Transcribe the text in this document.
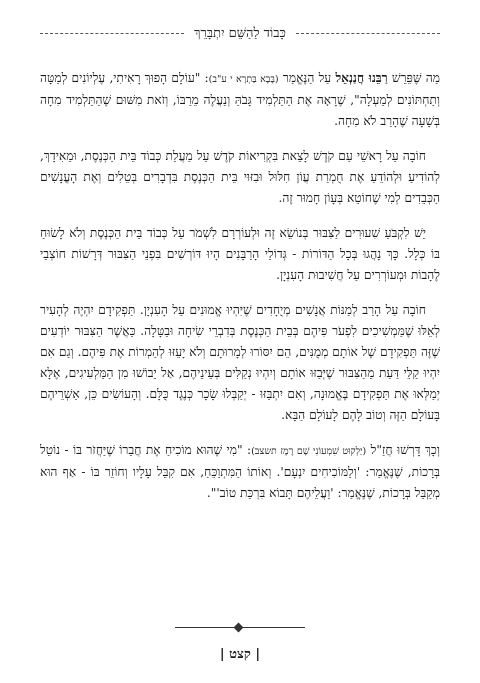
כָּבוֹד לַהַשֵּׁם יִתְבָּרֵךְ

מַה שֶּׁפֵּרֵשׁ רַבֵּנוּ חֲנַנְאֵל עַל הַנֶּאֱמַר (בָּבָא בַּתְרָא י ע"ב): "עוֹלָם הָפוּךְ רָאִיתִי, עֶלְיוֹנִים לְמַטָּה וְתַחְתּוֹנִים לְמַעְלָה", שֶׁרָאָה אֶת הַתַּלְמִיד גָּבֹהַּ וְנַעֲלֶה מֵרַבּוֹ, וְזֹאת מִשּׁוּם שֶׁהַתַּלְמִיד מִחָה בְּשָׁעָה שֶׁהָרַב לֹא מִחָה.

חוֹבָה עַל רָאשֵׁי עַם קֹדֶשׁ לָצֵאת בִּקְרִיאוֹת קֹדֶשׁ עַל מַעֲלַת כְּבוֹד בֵּית הַכְּנֶסֶת, וּמֵאִידָךְ, לְהוֹדִיעַ וּלְהוֹדֵעַ אֶת חֻמְרַת עֲוֹן חִלּוּל וּבִזּוּי בֵּית הַכְּנֶסֶת בִּדְבָרִים בְּטֵלִים וְאֶת הָעֳנָשִׁים הַכְּבֵדִים לְמִי שֶׁחוֹטֵא בְּעָוֹן חָמוּר זֶה.

יֵשׁ לִקְבֹּעַ שִׁעוּרִים לַצִּבּוּר בְּנוֹשֵׂא זֶה וּלְעוֹרְרָם לִשְׁמֹר עַל כְּבוֹד בֵּית הַכְּנֶסֶת וְלֹא לָשׂוּחַ בּוֹ כְּלָל. כָּךְ נָהֲגוּ בְּכָל הַדּוֹרוֹת - גְּדוֹלֵי הָרַבָּנִים הָיוּ דּוֹרְשִׁים בִּפְנֵי הַצִּבּוּר דְּרָשׁוֹת חוֹצְבֵי לֶהָבוֹת וּמְעוֹרְרִים עַל חֲשִׁיבוּת הָעִנְיָן.

חוֹבָה עַל הָרַב לְמַנּוֹת אֲנָשִׁים מְיֻחָדִים שֶׁיִּהְיוּ אֱמוּנִים עַל הָעִנְיָן. תַּפְקִידָם יִהְיֶה לְהָעִיר לְאֵלּוּ שֶׁמַּמְשִׁיכִים לִפְעֹר פִּיהֶם בְּבֵית הַכְּנֶסֶת בְּדִבְרֵי שִׂיחָה וּבַטָּלָה. כַּאֲשֶׁר הַצִּבּוּר יוֹדְעִים שֶׁזֶּה תַּפְקִידָם שֶׁל אוֹתָם מְמֻנִּים, הֵם יִסּוֹרוּ לְמָרוּתָם וְלֹא יָעֵזּוּ לְהַמְרוֹת אֶת פִּיהֶם. וְגַם אִם יִהְיוּ קַלֵּי דַּעַת מֵהַצִּבּוּר שֶׁיְּבַזּוּ אוֹתָם וְיִהְיוּ נְקַלִּים בְּעֵינֵיהֶם, אַל יֵבוֹשׁוּ מִן הַמַּלְעִיגִים, אֶלָּא יְמַלְּאוּ אֶת תַּפְקִידָם בֶּאֱמוּנָה, וְאִם יִתְבַּזּוּ - יְקַבְּלוּ שָׂכָר כְּנֶגֶד כֻּלָּם. וְהָעוֹשִׂים כֵּן, אַשְׁרֵיהֶם בָּעוֹלָם הַזֶּה וְטוֹב לָהֶם לָעוֹלָם הַבָּא.

וְכָךְ דָּרְשׁוּ חֲזַ"ל (יַלְקוּט שִׁמְעוֹנִי שָׁם רֶמֶז תשצב): "מִי שֶׁהוּא מוֹכִיחַ אֶת חֲבֵרוֹ שֶׁיַּחֲזֹר בּוֹ - נוֹטֵל בְּרָכוֹת, שֶׁנֶּאֱמַר: 'וְלַמּוֹכִיחִים יִנְעָם'. וְאוֹתוֹ הַמִּתְוַכֵּחַ, אִם קִבֵּל עָלָיו וְחוֹזֵר בּוֹ - אַף הוּא מְקַבֵּל בְּרָכוֹת, שֶׁנֶּאֱמַר: 'וַעֲלֵיהֶם תָּבוֹא בִּרְכַּת טוֹב'".

| קצט |
